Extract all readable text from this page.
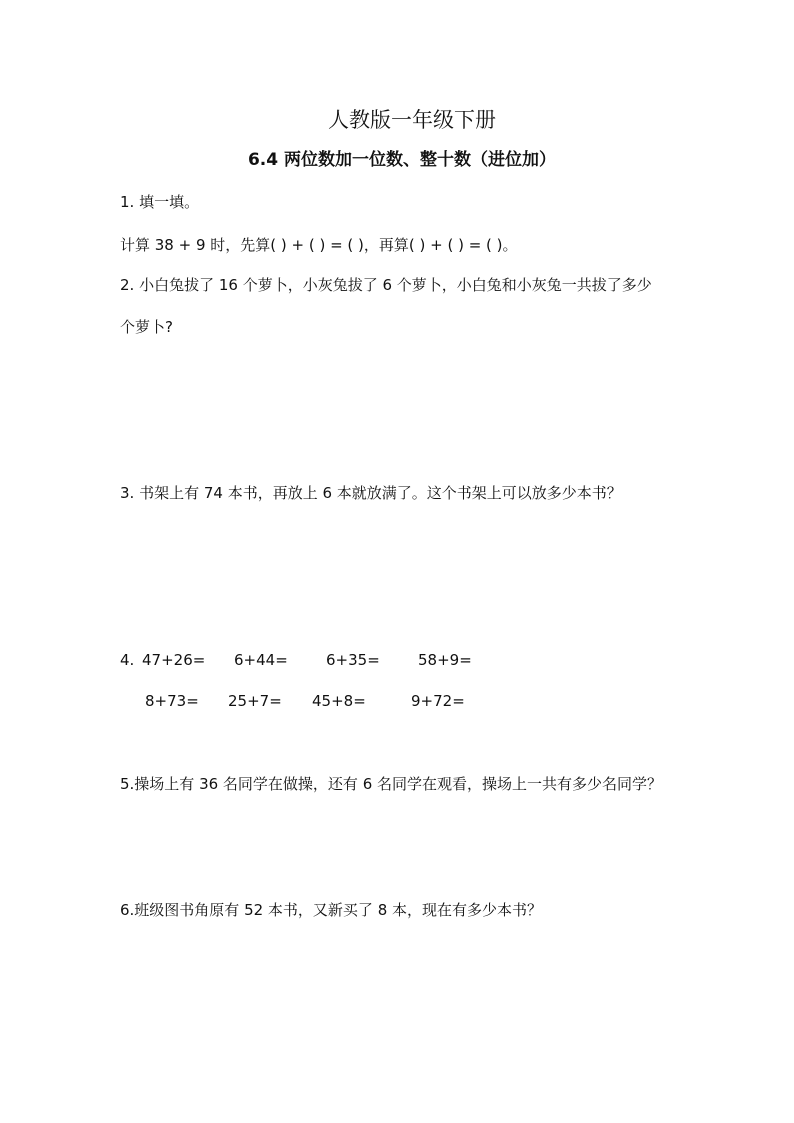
人教版一年级下册
6.4 两位数加一位数、整十数（进位加）
1. 填一填。
计算 38 + 9 时，先算( ) + ( ) = ( )，再算( ) + ( ) = ( )。
2. 小白兔拔了 16 个萝卜，小灰兔拔了 6 个萝卜，小白兔和小灰兔一共拔了多少
个萝卜?
3. 书架上有 74 本书，再放上 6 本就放满了。这个书架上可以放多少本书？
4. 47+26= 6+44=	6+35=	58+9=
8+73= 25+7= 45+8=	9+72=
5.操场上有 36 名同学在做操，还有 6 名同学在观看，操场上一共有多少名同学？
6.班级图书角原有 52 本书，又新买了 8 本，现在有多少本书？
